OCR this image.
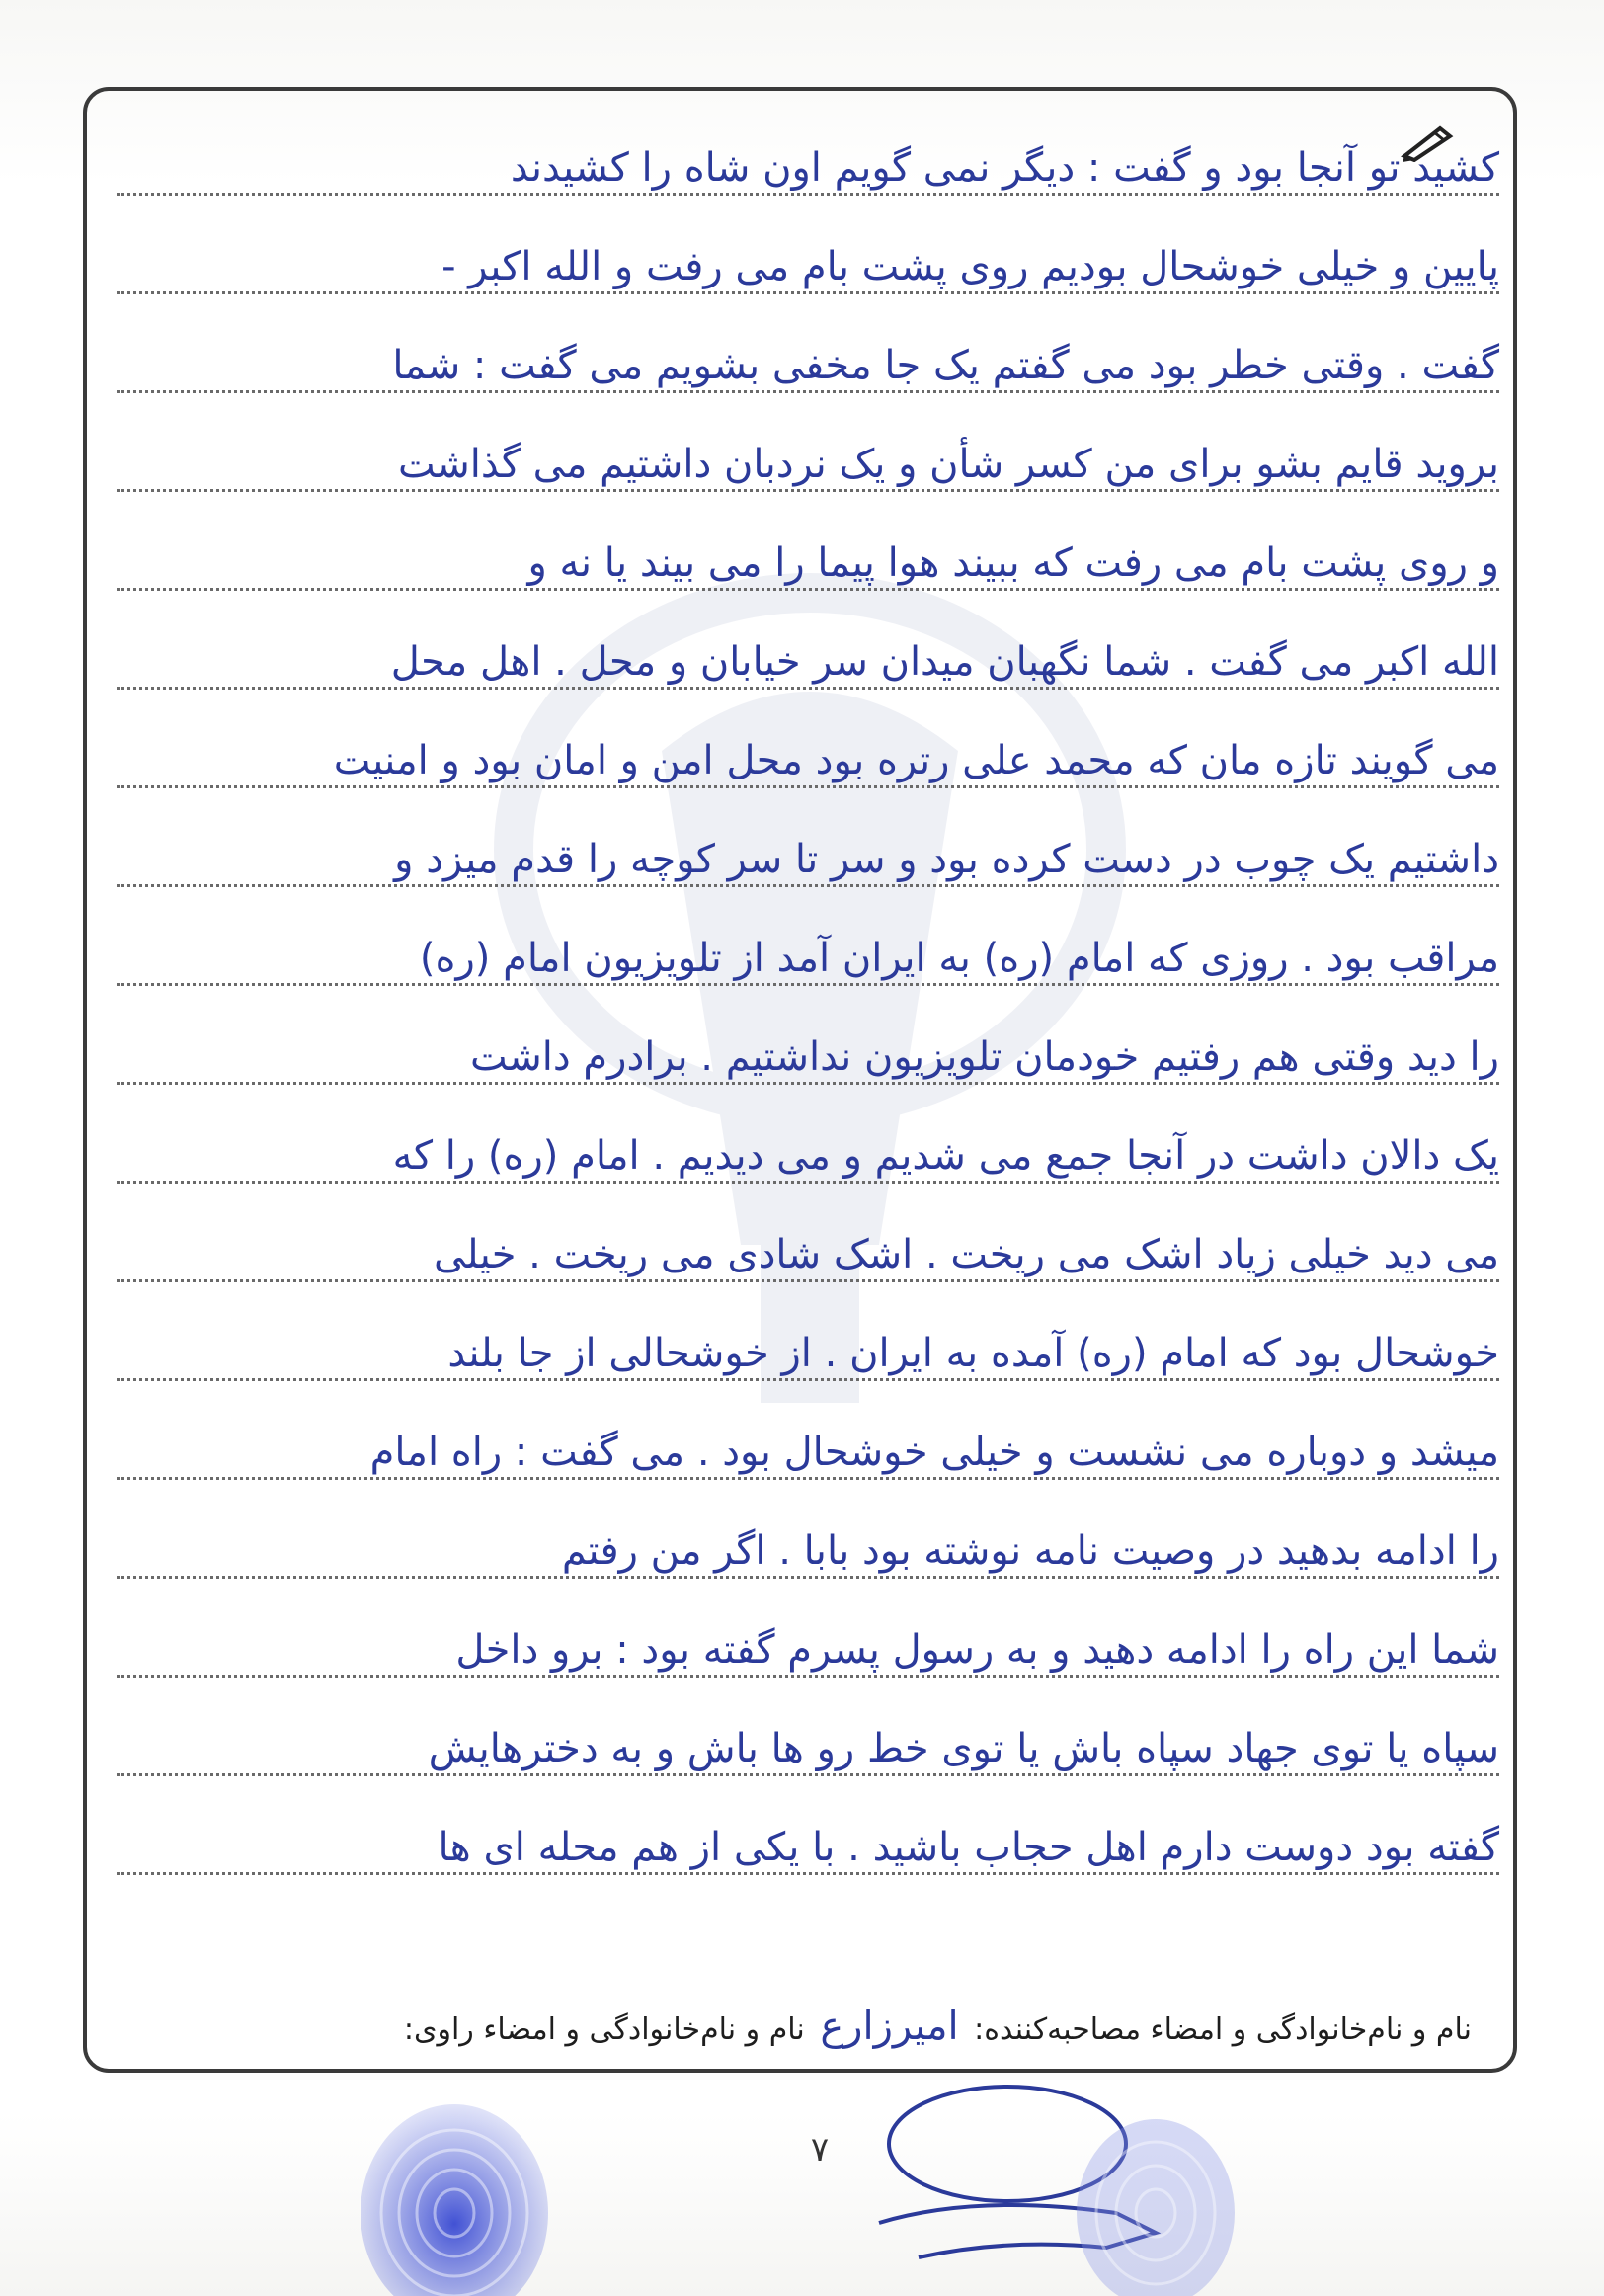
کشید تو آنجا بود و گفت : دیگر نمی گویم اون شاه را کشیدند
پایین و خیلی خوشحال بودیم روی پشت بام می رفت و الله اکبر -
گفت . وقتی خطر بود می گفتم یک جا مخفی بشویم می گفت : شما
بروید قایم بشو برای من کسر شأن و یک نردبان داشتیم می گذاشت
و روی پشت بام می رفت که ببیند هوا پیما را می بیند یا نه و
الله اکبر می گفت . شما نگهبان میدان سر خیابان و محل . اهل محل
می گویند تازه مان که محمد علی رتره بود محل امن و امان بود و امنیت
داشتیم یک چوب در دست کرده بود و سر تا سر کوچه را قدم میزد و
مراقب بود . روزی که امام (ره) به ایران آمد از تلویزیون امام (ره)
را دید وقتی هم رفتیم خودمان تلویزیون نداشتیم . برادرم داشت
یک دالان داشت در آنجا جمع می شدیم و می دیدیم . امام (ره) را که
می دید خیلی زیاد اشک می ریخت . اشک شادی می ریخت . خیلی
خوشحال بود که امام (ره) آمده به ایران . از خوشحالی از جا بلند
میشد و دوباره می نشست و خیلی خوشحال بود . می گفت : راه امام
را ادامه بدهید در وصیت نامه نوشته بود بابا . اگر من رفتم
شما این راه را ادامه دهید و به رسول پسرم گفته بود : برو داخل
سپاه یا توی جهاد سپاه باش یا توی خط رو ها باش و به دخترهایش
گفته بود دوست دارم اهل حجاب باشید . با یکی از هم محله ای ها
نام و نام‌خانوادگی و امضاء مصاحبه‌کننده: امیرزارع نام و نام‌خانوادگی و امضاء راوی:
۷
